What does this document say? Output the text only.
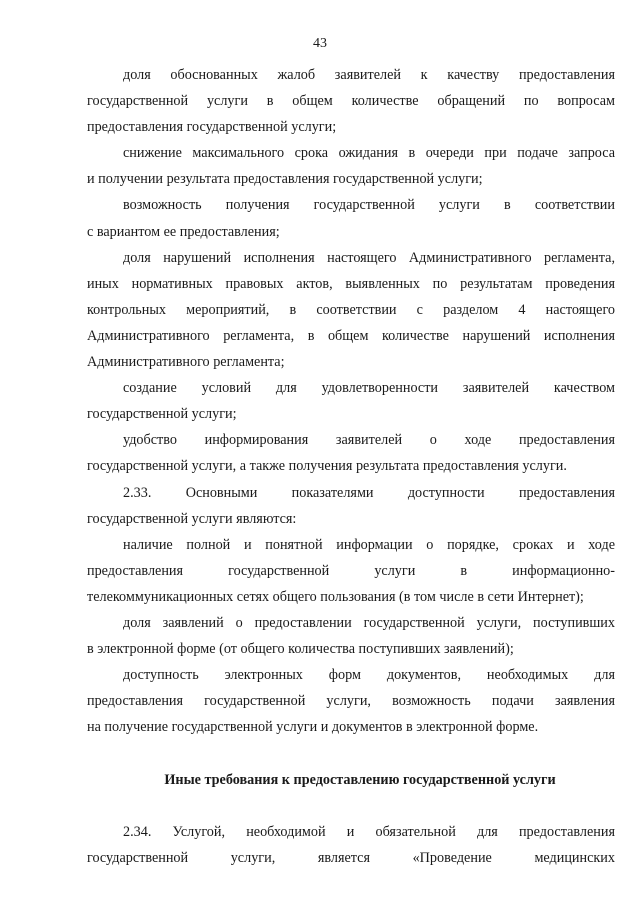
43
доля обоснованных жалоб заявителей к качеству предоставления
государственной услуги в общем количестве обращений по вопросам
предоставления государственной услуги;
снижение максимального срока ожидания в очереди при подаче запроса
и получении результата предоставления государственной услуги;
возможность получения государственной услуги в соответствии
с вариантом ее предоставления;
доля нарушений исполнения настоящего Административного регламента,
иных нормативных правовых актов, выявленных по результатам проведения
контрольных мероприятий, в соответствии с разделом 4 настоящего
Административного регламента, в общем количестве нарушений исполнения
Административного регламента;
создание условий для удовлетворенности заявителей качеством
государственной услуги;
удобство информирования заявителей о ходе предоставления
государственной услуги, а также получения результата предоставления услуги.
2.33. Основными показателями доступности предоставления
государственной услуги являются:
наличие полной и понятной информации о порядке, сроках и ходе
предоставления государственной услуги в информационно-
телекоммуникационных сетях общего пользования (в том числе в сети Интернет);
доля заявлений о предоставлении государственной услуги, поступивших
в электронной форме (от общего количества поступивших заявлений);
доступность электронных форм документов, необходимых для
предоставления государственной услуги, возможность подачи заявления
на получение государственной услуги и документов в электронной форме.
Иные требования к предоставлению государственной услуги
2.34. Услугой, необходимой и обязательной для предоставления
государственной услуги, является «Проведение медицинских
